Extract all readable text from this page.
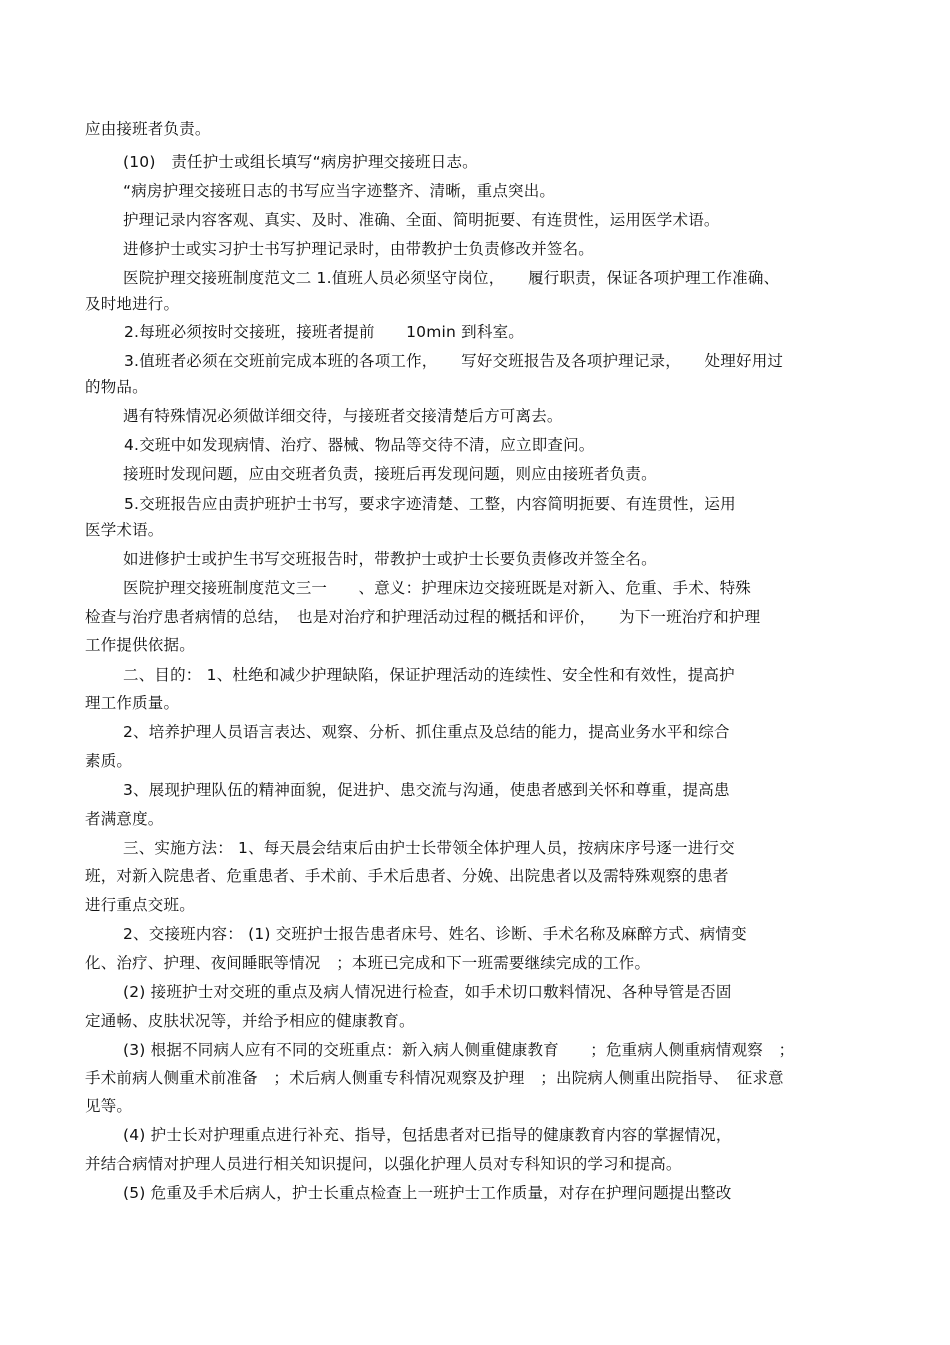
应由接班者负责。
(10)　责任护士或组长填写“病房护理交接班日志。
“病房护理交接班日志的书写应当字迹整齐、清晰，重点突出。
护理记录内容客观、真实、及时、准确、全面、简明扼要、有连贯性，运用医学术语。
进修护士或实习护士书写护理记录时，由带教护士负责修改并签名。
医院护理交接班制度范文二 1.值班人员必须坚守岗位，　　履行职责，保证各项护理工作准确、
及时地进行。
2.每班必须按时交接班，接班者提前　　10min 到科室。
3.值班者必须在交班前完成本班的各项工作，　　写好交班报告及各项护理记录，　　处理好用过
的物品。
遇有特殊情况必须做详细交待，与接班者交接清楚后方可离去。
4.交班中如发现病情、治疗、器械、物品等交待不清，应立即查问。
接班时发现问题，应由交班者负责，接班后再发现问题，则应由接班者负责。
5.交班报告应由责护班护士书写，要求字迹清楚、工整，内容简明扼要、有连贯性，运用
医学术语。
如进修护士或护生书写交班报告时，带教护士或护士长要负责修改并签全名。
医院护理交接班制度范文三一　　、意义：护理床边交接班既是对新入、危重、手术、特殊
检查与治疗患者病情的总结，　也是对治疗和护理活动过程的概括和评价，　　为下一班治疗和护理
工作提供依据。
二、目的： 1、杜绝和减少护理缺陷，保证护理活动的连续性、安全性和有效性，提高护
理工作质量。
2、培养护理人员语言表达、观察、分析、抓住重点及总结的能力，提高业务水平和综合
素质。
3、展现护理队伍的精神面貌，促进护、患交流与沟通，使患者感到关怀和尊重，提高患
者满意度。
三、实施方法： 1、每天晨会结束后由护士长带领全体护理人员，按病床序号逐一进行交
班，对新入院患者、危重患者、手术前、手术后患者、分娩、出院患者以及需特殊观察的患者
进行重点交班。
2、交接班内容： (1) 交班护士报告患者床号、姓名、诊断、手术名称及麻醉方式、病情变
化、治疗、护理、夜间睡眠等情况　；本班已完成和下一班需要继续完成的工作。
(2) 接班护士对交班的重点及病人情况进行检查，如手术切口敷料情况、各种导管是否固
定通畅、皮肤状况等，并给予相应的健康教育。
(3) 根据不同病人应有不同的交班重点：新入病人侧重健康教育　　；危重病人侧重病情观察　；
手术前病人侧重术前准备　；术后病人侧重专科情况观察及护理　；出院病人侧重出院指导、　征求意
见等。
(4) 护士长对护理重点进行补充、指导，包括患者对已指导的健康教育内容的掌握情况，
并结合病情对护理人员进行相关知识提问，以强化护理人员对专科知识的学习和提高。
(5) 危重及手术后病人，护士长重点检查上一班护士工作质量，对存在护理问题提出整改
